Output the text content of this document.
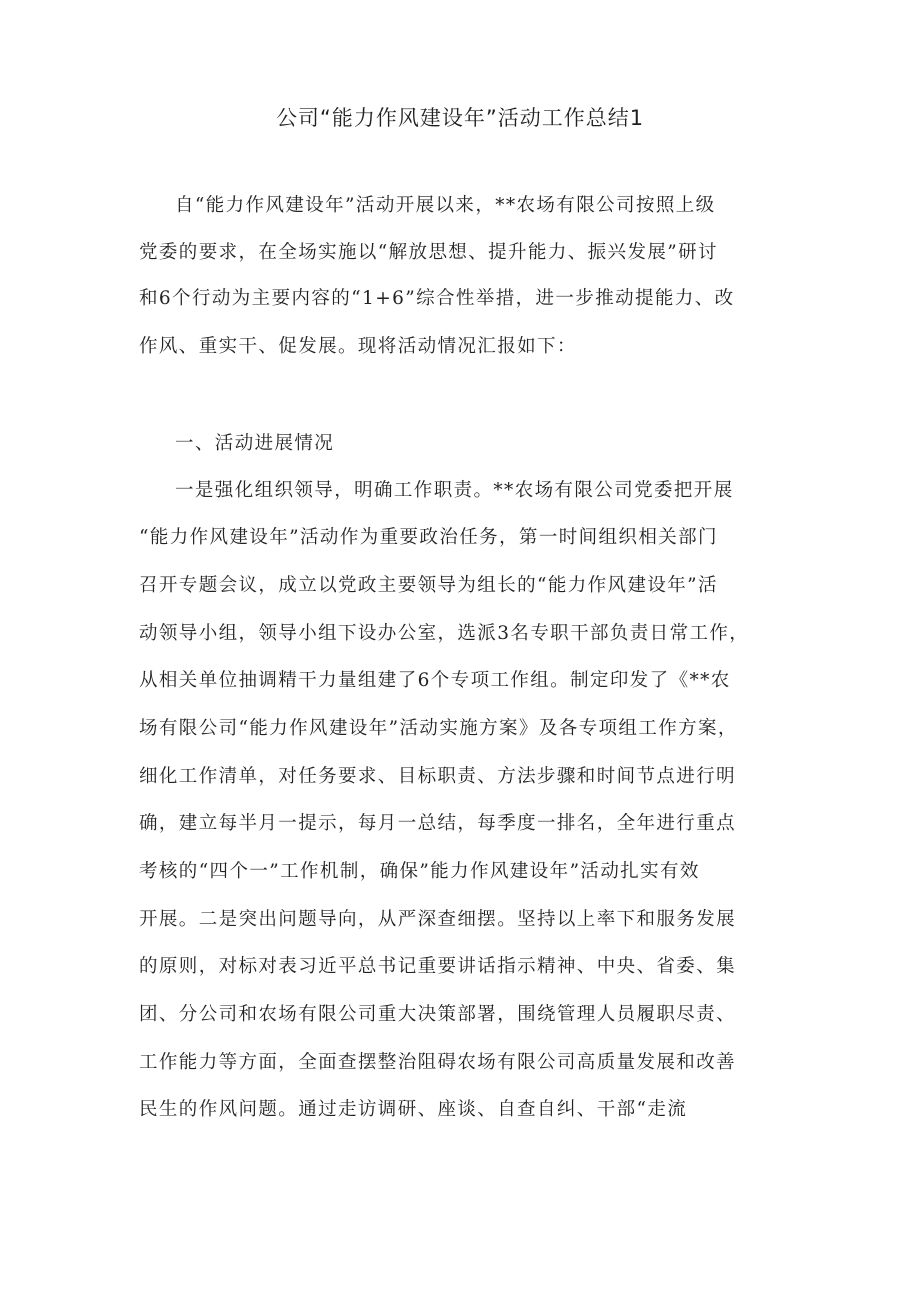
公司“能力作风建设年”活动工作总结1

自“能力作风建设年”活动开展以来，**农场有限公司按照上级

党委的要求，在全场实施以“解放思想、提升能力、振兴发展”研讨

和6个行动为主要内容的“1+6”综合性举措，进一步推动提能力、改

作风、重实干、促发展。现将活动情况汇报如下：

一、活动进展情况

一是强化组织领导，明确工作职责。**农场有限公司党委把开展

“能力作风建设年”活动作为重要政治任务，第一时间组织相关部门

召开专题会议，成立以党政主要领导为组长的“能力作风建设年”活

动领导小组，领导小组下设办公室，选派3名专职干部负责日常工作，

从相关单位抽调精干力量组建了6个专项工作组。制定印发了《**农

场有限公司“能力作风建设年”活动实施方案》及各专项组工作方案，

细化工作清单，对任务要求、目标职责、方法步骤和时间节点进行明

确，建立每半月一提示，每月一总结，每季度一排名，全年进行重点

考核的“四个一”工作机制，确保”能力作风建设年”活动扎实有效

开展。二是突出问题导向，从严深查细摆。坚持以上率下和服务发展

的原则，对标对表习近平总书记重要讲话指示精神、中央、省委、集

团、分公司和农场有限公司重大决策部署，围绕管理人员履职尽责、

工作能力等方面，全面查摆整治阻碍农场有限公司高质量发展和改善

民生的作风问题。通过走访调研、座谈、自查自纠、干部“走流
